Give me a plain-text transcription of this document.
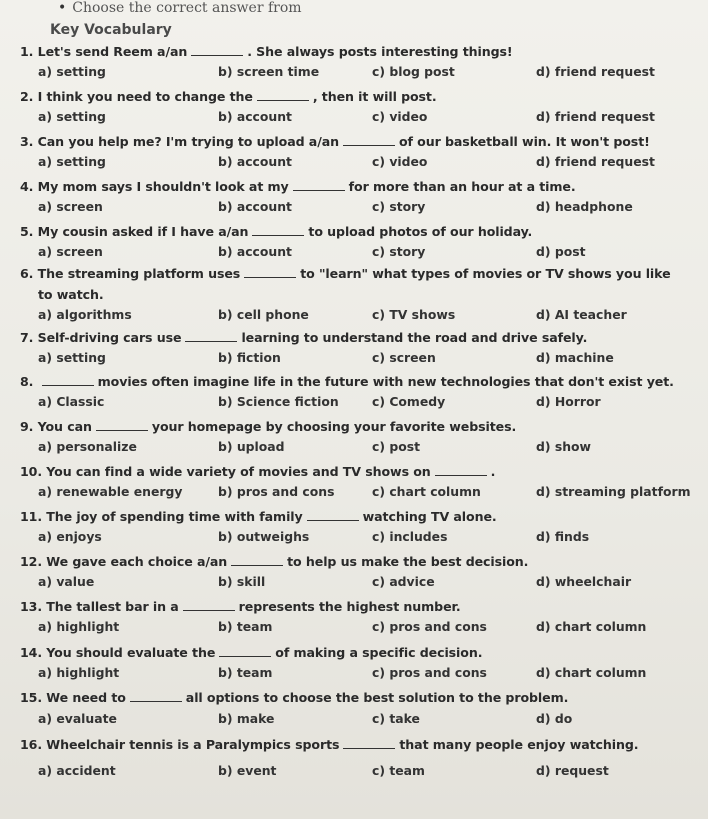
• Choose the correct answer from
Key Vocabulary
1. Let's send Reem a/an	. She always posts interesting things!
a) setting	b) screen time	c) blog post	d) friend request
2. I think you need to change the	, then it will post.
a) setting	b) account	c) video	d) friend request
3. Can you help me? I'm trying to upload a/an	of our basketball win. It won't post!
a) setting	b) account	c) video	d) friend request
4. My mom says I shouldn't look at my	for more than an hour at a time.
a) screen	b) account	c) story	d) headphone
5. My cousin asked if I have a/an	to upload photos of our holiday.
a) screen	b) account	c) story	d) post
6. The streaming platform uses	to "learn" what types of movies or TV shows you like
to watch.
a) algorithms	b) cell phone	c) TV shows	d) AI teacher
7. Self-driving cars use	learning to understand the road and drive safely.
a) setting	b) fiction	c) screen	d) machine
8.	movies often imagine life in the future with new technologies that don't exist yet.
a) Classic	b) Science fiction	c) Comedy	d) Horror
9. You can	your homepage by choosing your favorite websites.
a) personalize	b) upload	c) post	d) show
10. You can find a wide variety of movies and TV shows on	.
a) renewable energy	b) pros and cons	c) chart column	d) streaming platform
11. The joy of spending time with family	watching TV alone.
a) enjoys	b) outweighs	c) includes	d) finds
12. We gave each choice a/an	to help us make the best decision.
a) value	b) skill	c) advice	d) wheelchair
13. The tallest bar in a	represents the highest number.
a) highlight	b) team	c) pros and cons	d) chart column
14. You should evaluate the	of making a specific decision.
a) highlight	b) team	c) pros and cons	d) chart column
15. We need to	all options to choose the best solution to the problem.
a) evaluate	b) make	c) take	d) do
16. Wheelchair tennis is a Paralympics sports	that many people enjoy watching.
a) accident	b) event	c) team	d) request
